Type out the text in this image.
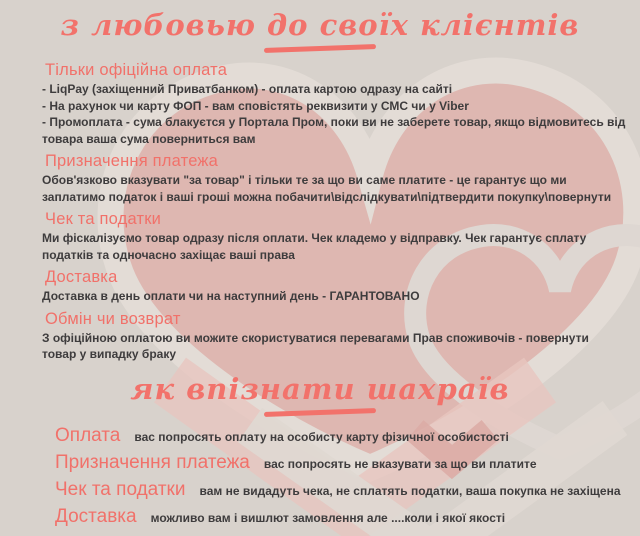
з любовью до своїх клієнтів
Тільки офіційна оплата

- LiqPay (захіщенний Приватбанком) - оплата картою одразу на сайті

- На рахунок чи карту ФОП - вам сповістять реквизити у СМС чи у Viber

- Промоплата - сума блакуєтся у Портала Пром, поки ви не заберете товар, якщо відмовитесь від товара ваша сума поверниться вам

Призначення платежа

Обов'язково вказувати "за товар" і тільки те за що ви саме платите - це гарантує що ми заплатимо податок і ваші гроші можна побачити\відслідкувати\підтвердити покупку\повернути

Чек та податки

Ми фіскалізуємо товар одразу після оплати. Чек кладемо у відправку. Чек гарантує сплату податків та одночасно захіщає ваші права

Доставка

Доставка в день оплати чи на наступний день - ГАРАНТОВАНО

Обмін чи возврат

З офіційною оплатою ви можите скористуватися перевагами Прав споживочів - повернути товар у випадку браку

як впізнати шахраїв
Оплата вас попросять оплату на особисту карту фізичної особистості
Призначення платежа вас попросять не вказувати за що ви платите
Чек та податки вам не видадуть чека, не сплатять податки, ваша покупка не захіщена
Доставка можливо вам і вишлют замовлення але ....коли і якої якості
